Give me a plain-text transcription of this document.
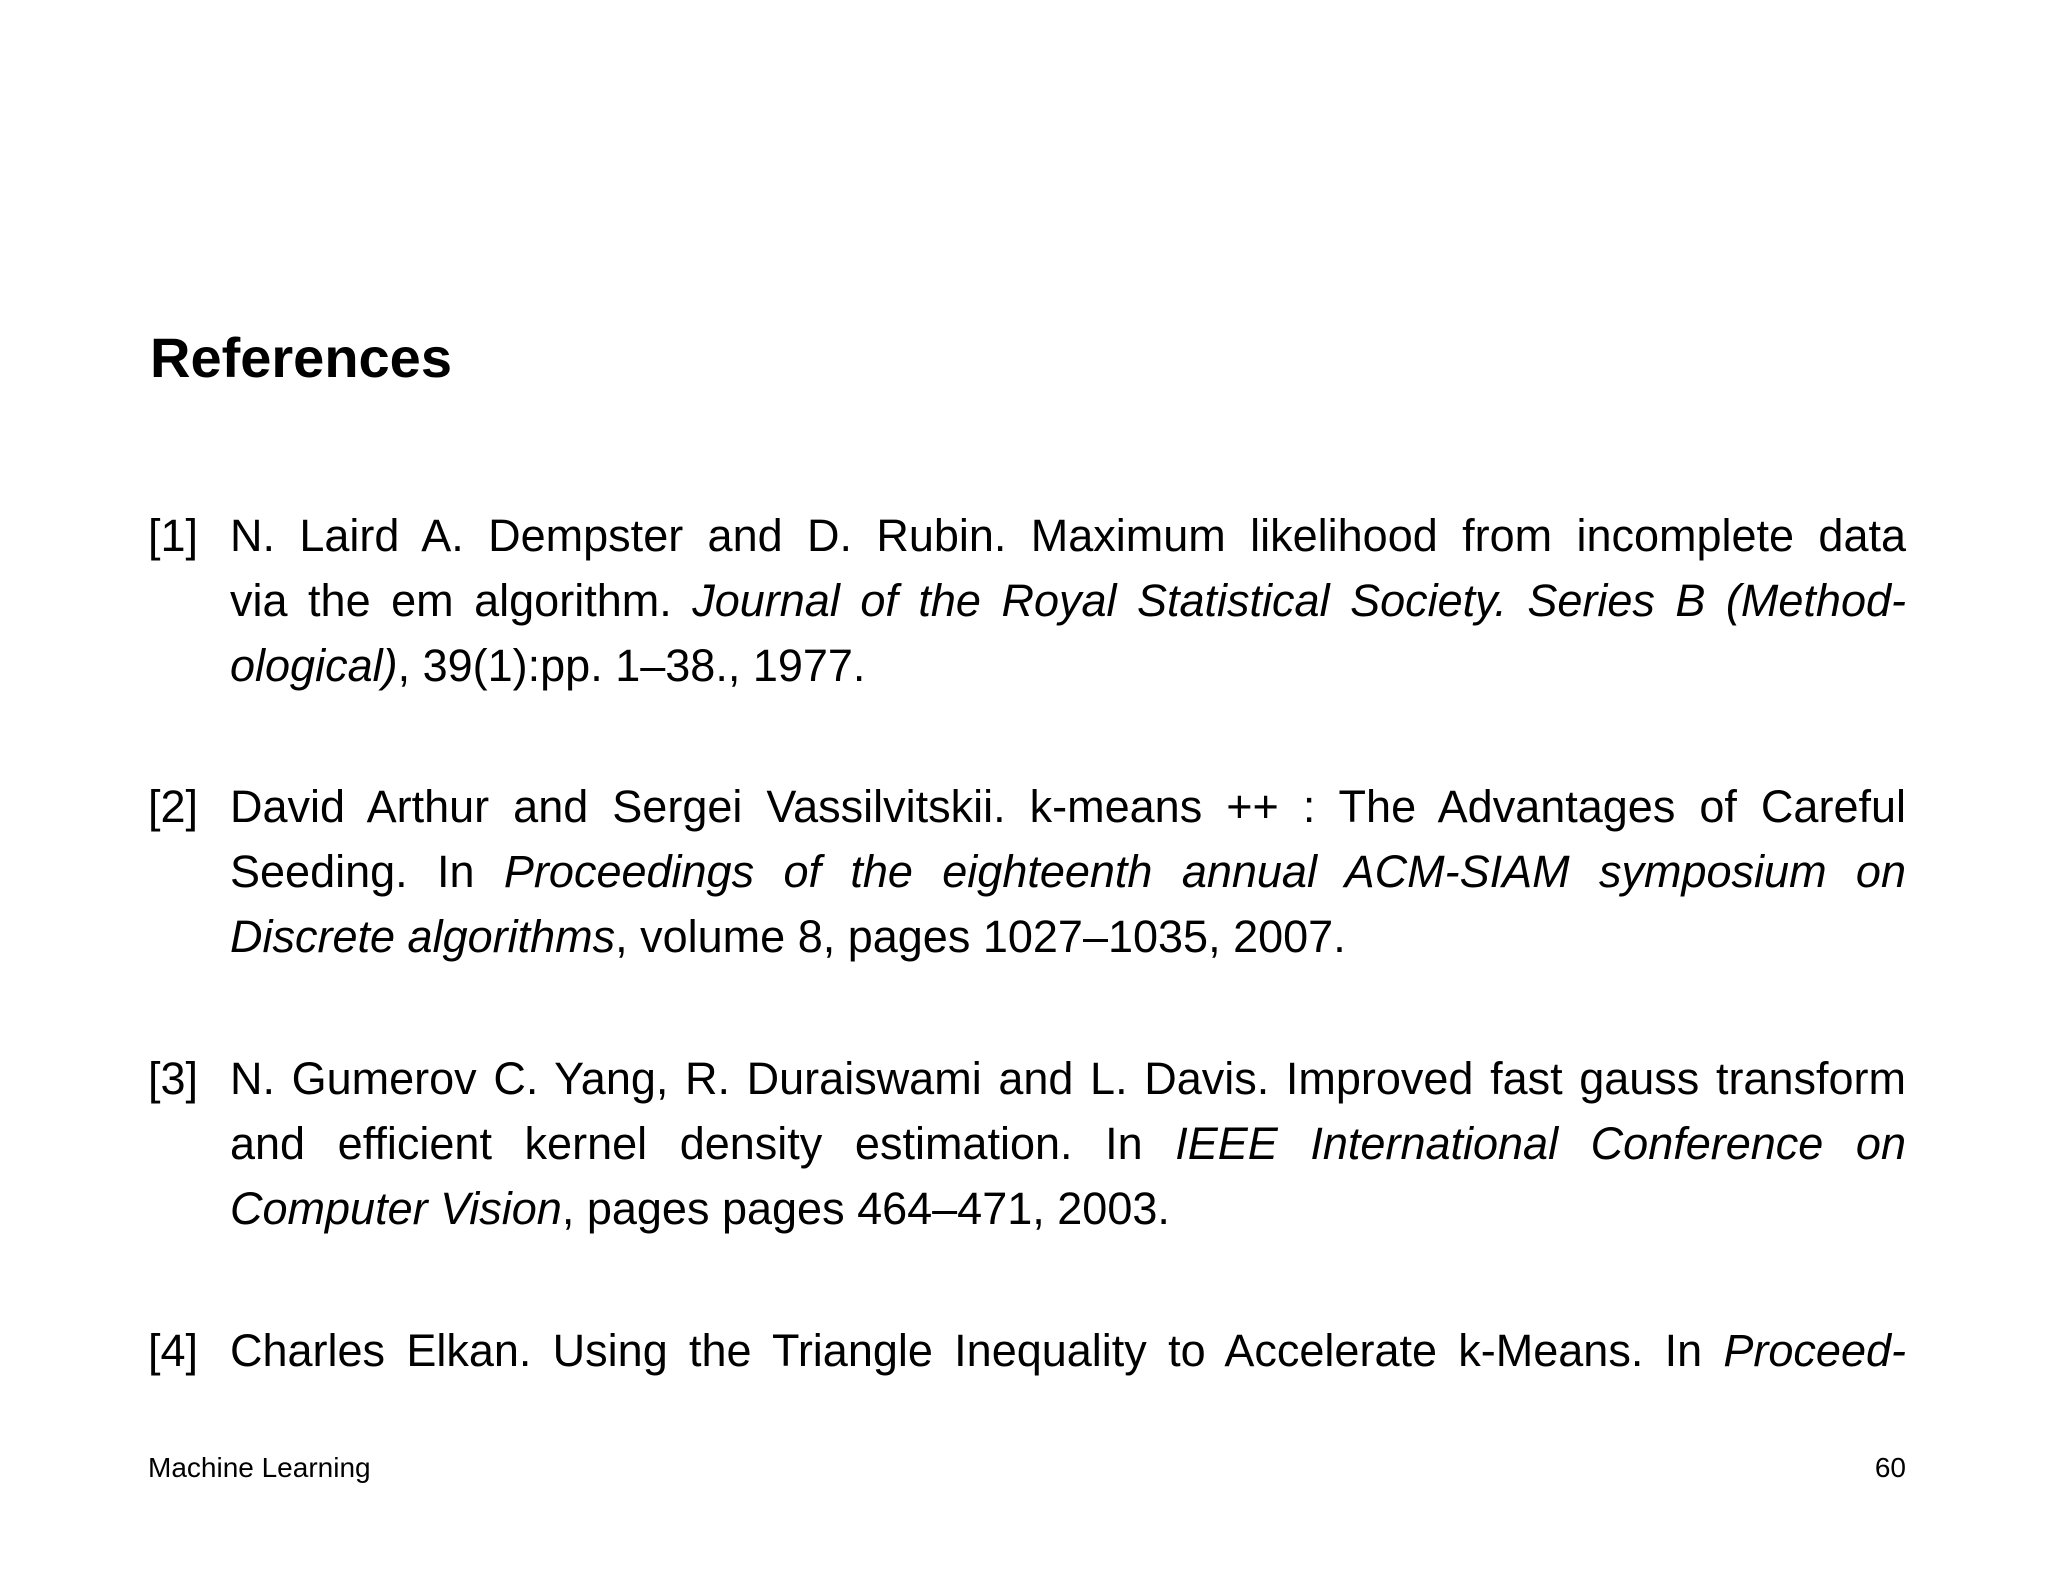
References
[1] N. Laird A. Dempster and D. Rubin. Maximum likelihood from incomplete data
via the em algorithm. Journal of the Royal Statistical Society. Series B (Method-
ological), 39(1):pp. 1–38., 1977.
[2] David Arthur and Sergei Vassilvitskii. k-means ++ : The Advantages of Careful
Seeding. In Proceedings of the eighteenth annual ACM-SIAM symposium on
Discrete algorithms, volume 8, pages 1027–1035, 2007.
[3] N. Gumerov C. Yang, R. Duraiswami and L. Davis. Improved fast gauss transform
and efficient kernel density estimation. In IEEE International Conference on
Computer Vision, pages pages 464–471, 2003.
[4] Charles Elkan. Using the Triangle Inequality to Accelerate k-Means. In Proceed-
Machine Learning	60
